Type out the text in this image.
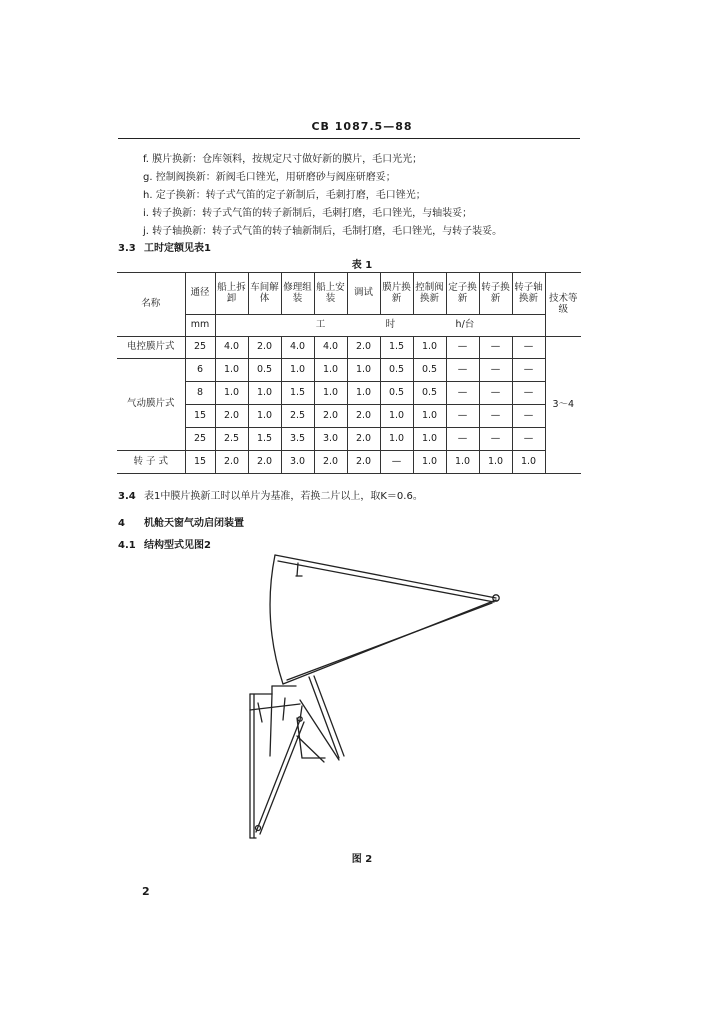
CB 1087.5—88
f. 膜片换新：仓库领料，按规定尺寸做好新的膜片，毛口光光；
g. 控制阀换新：新阀毛口锉光，用研磨砂与阀座研磨妥；
h. 定子换新：转子式气笛的定子新制后，毛刺打磨，毛口锉光；
i. 转子换新：转子式气笛的转子新制后，毛刺打磨，毛口锉光，与轴装妥；
j. 转子轴换新：转子式气笛的转子轴新制后，毛制打磨，毛口锉光，与转子装妥。
3.3 工时定额见表1
表 1
名称	通径	船上拆卸	车间解体	修理组装	船上安装	调试	膜片换新	控制阀换新	定子换新	转子换新	转子轴换新	技术等级
	mm	工 时 h/台										

电控膜片式	25	4.0	2.0	4.0	4.0	2.0	1.5	1.0	—	—	—	3～4
气动膜片式	6	1.0	0.5	1.0	1.0	1.0	0.5	0.5	—	—	—	
	8	1.0	1.0	1.5	1.0	1.0	0.5	0.5	—	—	—	
	15	2.0	1.0	2.5	2.0	2.0	1.0	1.0	—	—	—	
	25	2.5	1.5	3.5	3.0	2.0	1.0	1.0	—	—	—	
转 子 式	15	2.0	2.0	3.0	2.0	2.0	—	1.0	1.0	1.0	1.0	
3.4 表1中膜片换新工时以单片为基准，若换二片以上，取K＝0.6。
4 机舱天窗气动启闭装置
4.1 结构型式见图2
图 2
2
